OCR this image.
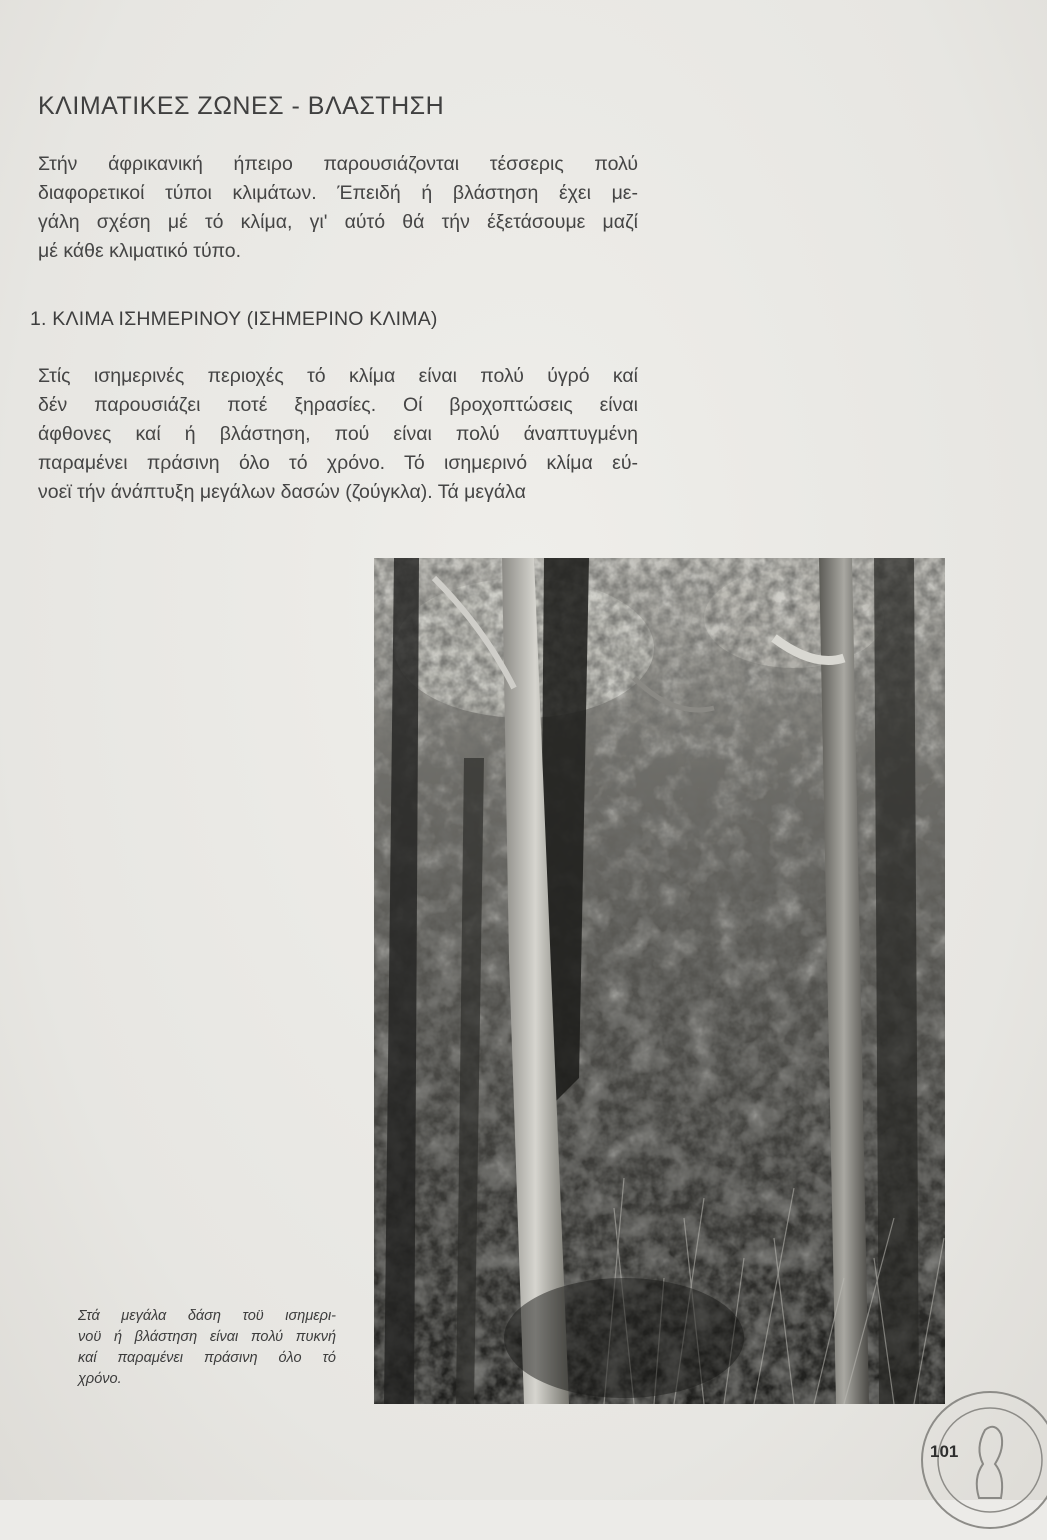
ΚΛΙΜΑΤΙΚΕΣ ΖΩΝΕΣ - ΒΛΑΣΤΗΣΗ
Στήν άφρικανική ήπειρο παρουσιάζονται τέσσερις πολύ
διαφορετικοί τύποι κλιμάτων. Έπειδή ή βλάστηση έχει με-
γάλη σχέση μέ τό κλίμα, γι' αύτό θά τήν έξετάσουμε μαζί
μέ κάθε κλιματικό τύπο.
1. ΚΛΙΜΑ ΙΣΗΜΕΡΙΝΟΥ (ΙΣΗΜΕΡΙΝΟ ΚΛΙΜΑ)
Στίς ισημερινές περιοχές τό κλίμα είναι πολύ ύγρό καί
δέν παρουσιάζει ποτέ ξηρασίες. Οί βροχοπτώσεις είναι
άφθονες καί ή βλάστηση, πού είναι πολύ άναπτυγμένη
παραμένει πράσινη όλο τό χρόνο. Τό ισημερινό κλίμα εύ-
νοεϊ τήν άνάπτυξη μεγάλων δασών (ζούγκλα). Τά μεγάλα
Στά μεγάλα δάση τοϋ ισημερι-
νοϋ ή βλάστηση είναι πολύ πυκνή
καί παραμένει πράσινη όλο τό
χρόνο.
101
